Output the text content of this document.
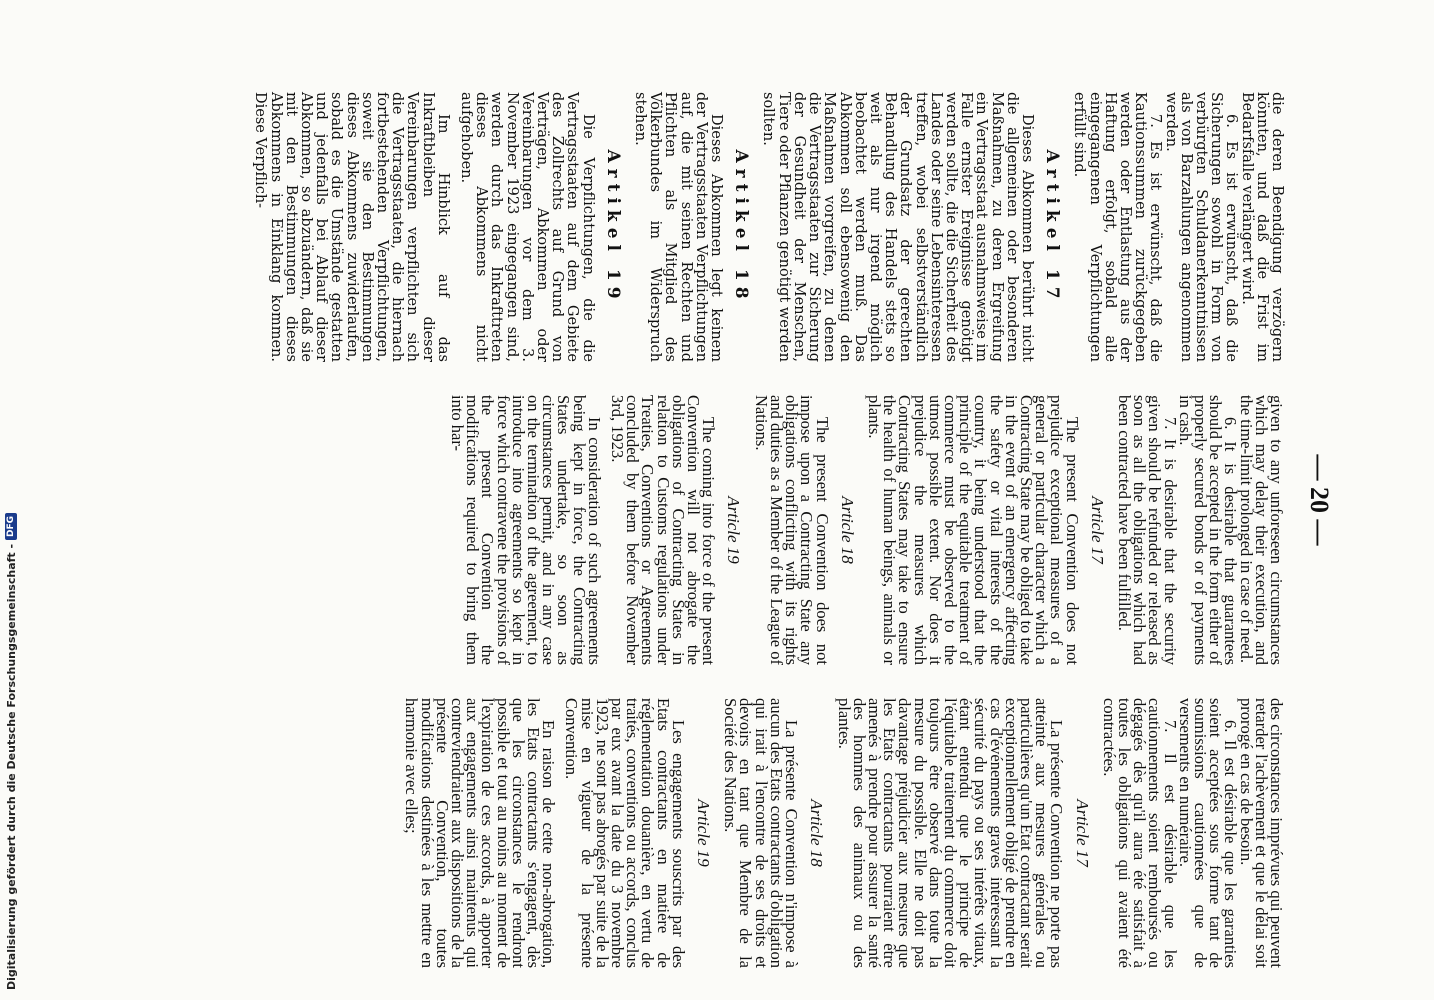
— 20 —

die deren Beendigung verzögern könnten, und daß die Frist im Bedarfsfalle verlängert wird.

6. Es ist erwünscht, daß die Sicherungen sowohl in Form von verbürgten Schuldanerkenntnissen als von Barzahlungen angenommen werden.

7. Es ist erwünscht, daß die Kautionssummen zurückgegeben werden oder Entlastung aus der Haftung erfolgt, sobald alle eingegangenen Verpflichtungen erfüllt sind.

Artikel 17

Dieses Abkommen berührt nicht die allgemeinen oder besonderen Maßnahmen, zu deren Ergreifung ein Vertragsstaat ausnahmsweise im Falle ernster Ereignisse genötigt werden sollte, die die Sicherheit des Landes oder seine Lebensinteressen treffen, wobei selbstverständlich der Grundsatz der gerechten Behandlung des Handels stets so weit als nur irgend möglich beobachtet werden muß. Das Abkommen soll ebensowenig den Maßnahmen vorgreifen, zu denen die Vertragsstaaten zur Sicherung der Gesundheit der Menschen, Tiere oder Pflanzen genötigt werden sollten.

Artikel 18

Dieses Abkommen legt keinem der Vertragsstaaten Verpflichtungen auf, die mit seinen Rechten und Pflichten als Mitglied des Völkerbundes im Widerspruch stehen.

Artikel 19

Die Verpflichtungen, die die Vertragsstaaten auf dem Gebiete des Zollrechts auf Grund von Verträgen, Abkommen oder Vereinbarungen vor dem 3. November 1923 eingegangen sind, werden durch das Inkrafttreten dieses Abkommens nicht aufgehoben.

Im Hinblick auf das Inkraftbleiben dieser Vereinbarungen verpflichten sich die Vertragsstaaten, die hiernach fortbestehenden Verpflichtungen, soweit sie den Bestimmungen dieses Abkommens zuwiderlaufen, sobald es die Umstände gestatten und jedenfalls bei Ablauf dieser Abkommen, so abzuändern, daß sie mit den Bestimmungen dieses Abkommens in Einklang kommen. Diese Verpflich-

given to any unforeseen circumstances which may delay their execution, and the time-limit prolonged in case of need.

6. It is desirable that guarantees should be accepted in the form either of properly secured bonds or of payments in cash.

7. It is desirable that the security given should be refunded or released as soon as all the obligations which had been contracted have been fulfilled.

Article 17

The present Convention does not prejudice exceptional measures of a general or particular character which a Contracting State may be obliged to take in the event of an emergency affecting the safety or vital interests of the country, it being understood that the principle of the equitable treatment of commerce must be observed to the utmost possible extent. Nor does it prejudice the measures which Contracting States may take to ensure the health of human beings, animals or plants.

Article 18

The present Convention does not impose upon a Contracting State any obligations conflicting with its rights and duties as a Member of the League of Nations.

Article 19

The coming into force of the present Convention will not abrogate the obligations of Contracting States in relation to Customs regulations under Treaties, Conventions or Agreements concluded by them before November 3rd, 1923.

In consideration of such agreements being kept in force, the Contracting States undertake, so soon as circumstances permit, and in any case on the termination of the agreement, to introduce into agreements so kept in force which contravene the provisions of the present Convention the modifications required to bring them into har-

des circonstances imprévues qui peuvent retarder l'achèvement et que le délai soit prorogé en cas de besoin.

6. Il est désirable que les garanties soient acceptées sous forme tant de soumissions cautionnées que de versements en numéraire.

7. Il est désirable que les cautionnements soient remboursés ou dégagés dès qu'il aura été satisfait à toutes les obligations qui avaient été contractées.

Article 17

La présente Convention ne porte pas atteinte aux mesures générales ou particulières qu'un Etat contractant serait exceptionnellement obligé de prendre en cas d'événements graves intéressant la sécurité du pays ou ses intérêts vitaux, étant entendu que le principe de l'équitable traitement du commerce doit toujours être observé dans toute la mesure du possible. Elle ne doit pas davantage préjudicier aux mesures que les Etats contractants pourraient être amenés à prendre pour assurer la santé des hommes des animaux ou des plantes.

Article 18

La présente Convention n'impose à aucun des Etats contractants d'obligation qui irait à l'encontre de ses droits et devoirs en tant que Membre de la Société des Nations.

Article 19

Les engagements souscrits par des Etats contractants en matière de réglementation douanière, en vertu de traités, conventions ou accords, conclus par eux avant la date du 3 novembre 1923, ne sont pas abrogés par suite de la mise en vigueur de la présente Convention.

En raison de cette non-abrogation, les Etats contractants s'engagent, dès que les circonstances le rendront possible et tout au moins au moment de l'expiration de ces accords, à apporter aux engagements ainsi maintenus qui contreviendraient aux dispositions de la présente Convention, toutes modifications destinées à les mettre en harmonie avec elles;

Digitalisierung gefördert durch die Deutsche Forschungsgemeinschaft -
DFG
